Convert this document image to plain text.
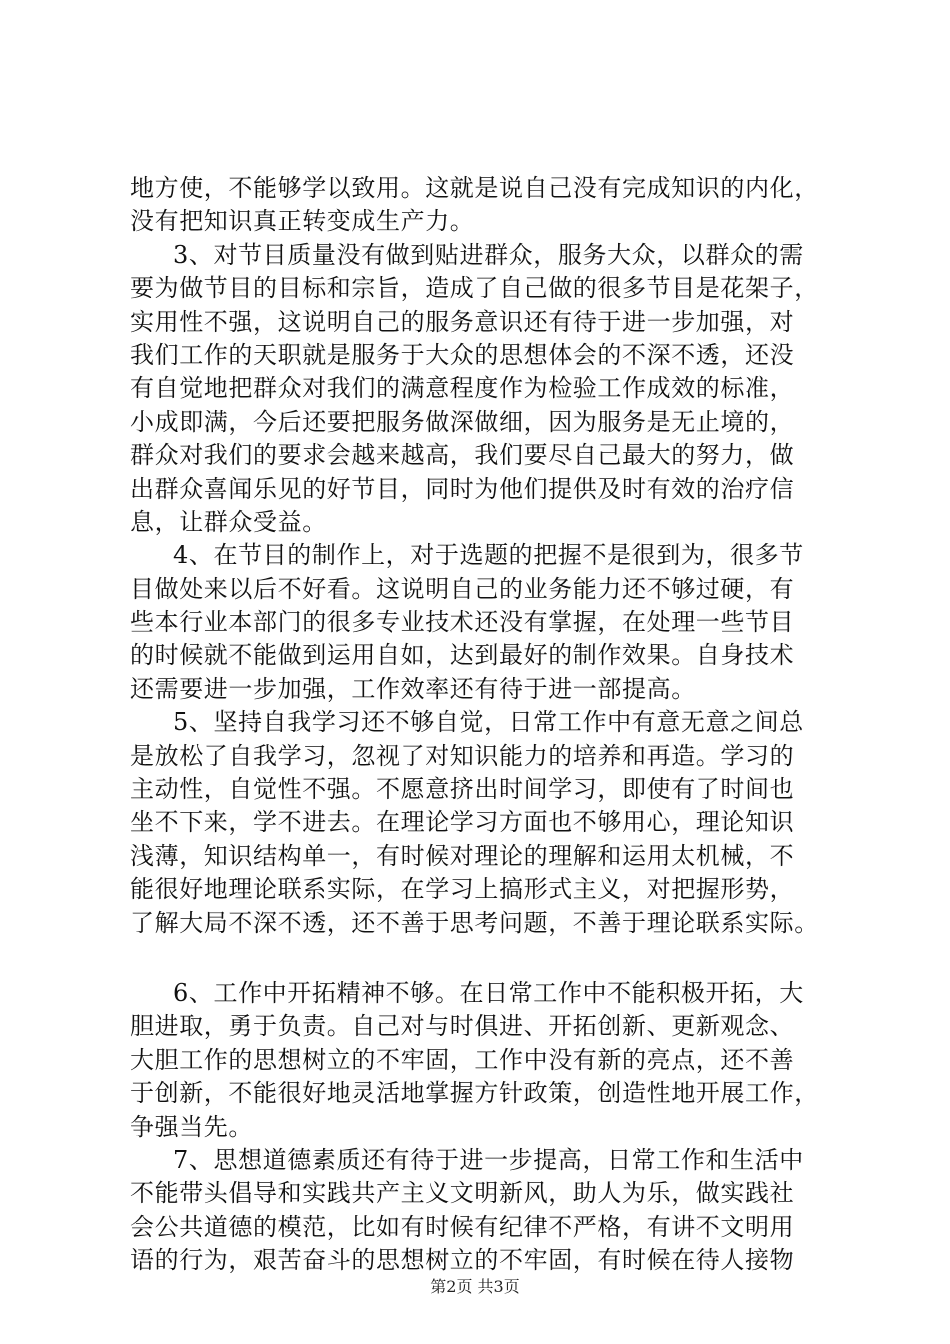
地方使，不能够学以致用。这就是说自己没有完成知识的内化，
没有把知识真正转变成生产力。
3、对节目质量没有做到贴进群众，服务大众，以群众的需
要为做节目的目标和宗旨，造成了自己做的很多节目是花架子，
实用性不强，这说明自己的服务意识还有待于进一步加强，对
我们工作的天职就是服务于大众的思想体会的不深不透，还没
有自觉地把群众对我们的满意程度作为检验工作成效的标准，
小成即满，今后还要把服务做深做细，因为服务是无止境的，
群众对我们的要求会越来越高，我们要尽自己最大的努力，做
出群众喜闻乐见的好节目，同时为他们提供及时有效的治疗信
息，让群众受益。
4、在节目的制作上，对于选题的把握不是很到为，很多节
目做处来以后不好看。这说明自己的业务能力还不够过硬，有
些本行业本部门的很多专业技术还没有掌握，在处理一些节目
的时候就不能做到运用自如，达到最好的制作效果。自身技术
还需要进一步加强，工作效率还有待于进一部提高。
5、坚持自我学习还不够自觉，日常工作中有意无意之间总
是放松了自我学习，忽视了对知识能力的培养和再造。学习的
主动性，自觉性不强。不愿意挤出时间学习，即使有了时间也
坐不下来，学不进去。在理论学习方面也不够用心，理论知识
浅薄，知识结构单一，有时候对理论的理解和运用太机械，不
能很好地理论联系实际，在学习上搞形式主义，对把握形势，
了解大局不深不透，还不善于思考问题，不善于理论联系实际。
6、工作中开拓精神不够。在日常工作中不能积极开拓，大
胆进取，勇于负责。自己对与时俱进、开拓创新、更新观念、
大胆工作的思想树立的不牢固，工作中没有新的亮点，还不善
于创新，不能很好地灵活地掌握方针政策，创造性地开展工作，
争强当先。
7、思想道德素质还有待于进一步提高，日常工作和生活中
不能带头倡导和实践共产主义文明新风，助人为乐，做实践社
会公共道德的模范，比如有时候有纪律不严格，有讲不文明用
语的行为，艰苦奋斗的思想树立的不牢固，有时候在待人接物
第2页 共3页
